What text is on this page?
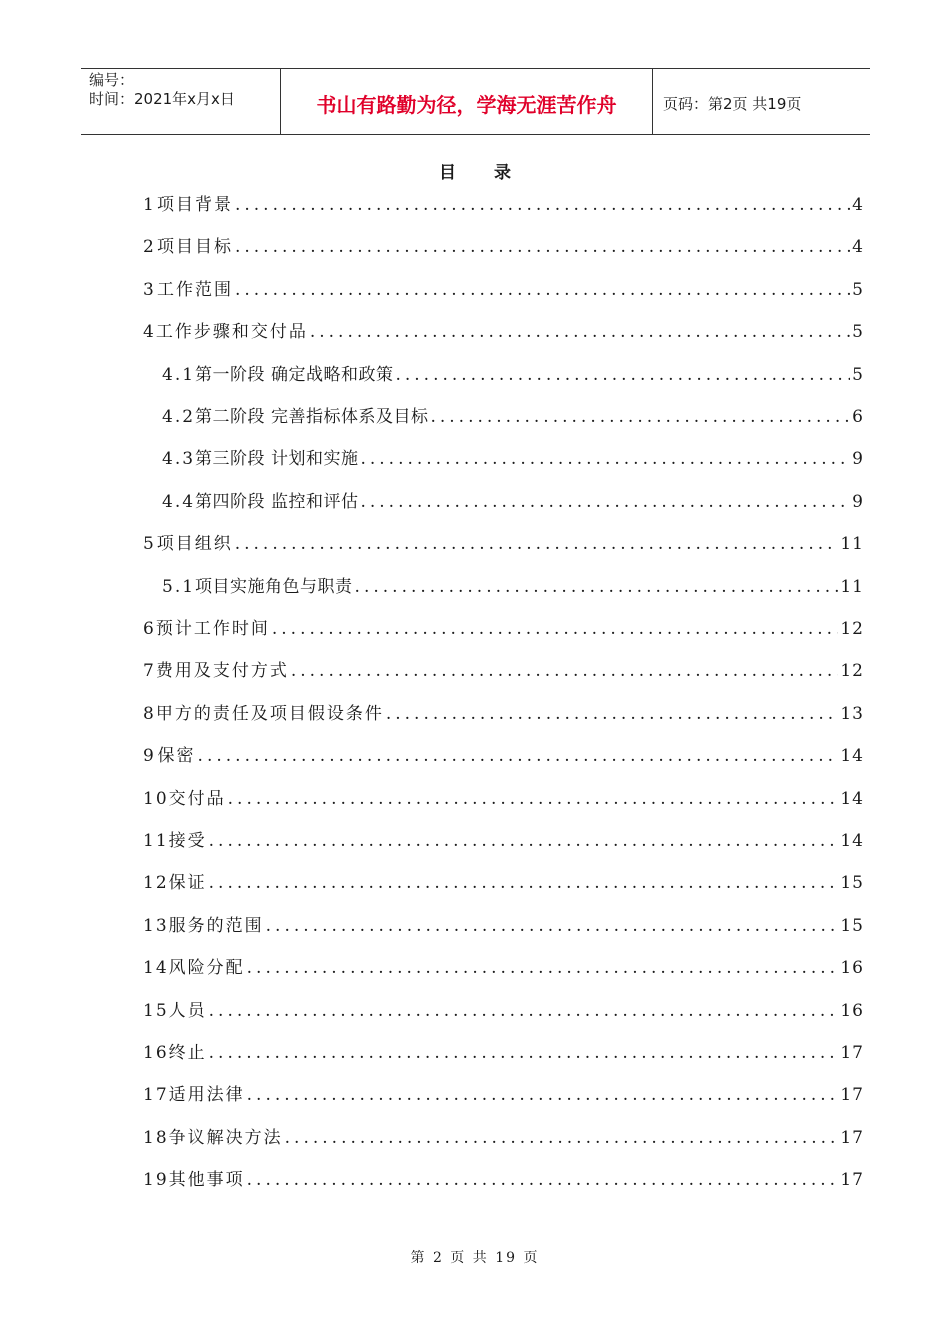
编号：
时间：2021年x月x日	书山有路勤为径，学海无涯苦作舟	页码：第2页 共19页
目 录
1 项目背景 .....	4
2 项目目标 .....	4
3 工作范围 .....	5
4 工作步骤和交付品 .....	5
4.1 第一阶段 确定战略和政策 .....	5
4.2 第二阶段 完善指标体系及目标 .....	6
4.3 第三阶段 计划和实施 .....	9
4.4 第四阶段 监控和评估 .....	9
5 项目组织 .....	11
5.1 项目实施角色与职责 .....	11
6 预计工作时间 .....	12
7 费用及支付方式 .....	12
8 甲方的责任及项目假设条件 .....	13
9 保密 .....	14
10 交付品 .....	14
11 接受 .....	14
12 保证 .....	15
13 服务的范围 .....	15
14 风险分配 .....	16
15 人员 .....	16
16 终止 .....	17
17 适用法律 .....	17
18 争议解决方法 .....	17
19 其他事项 .....	17
第 2 页 共 19 页
